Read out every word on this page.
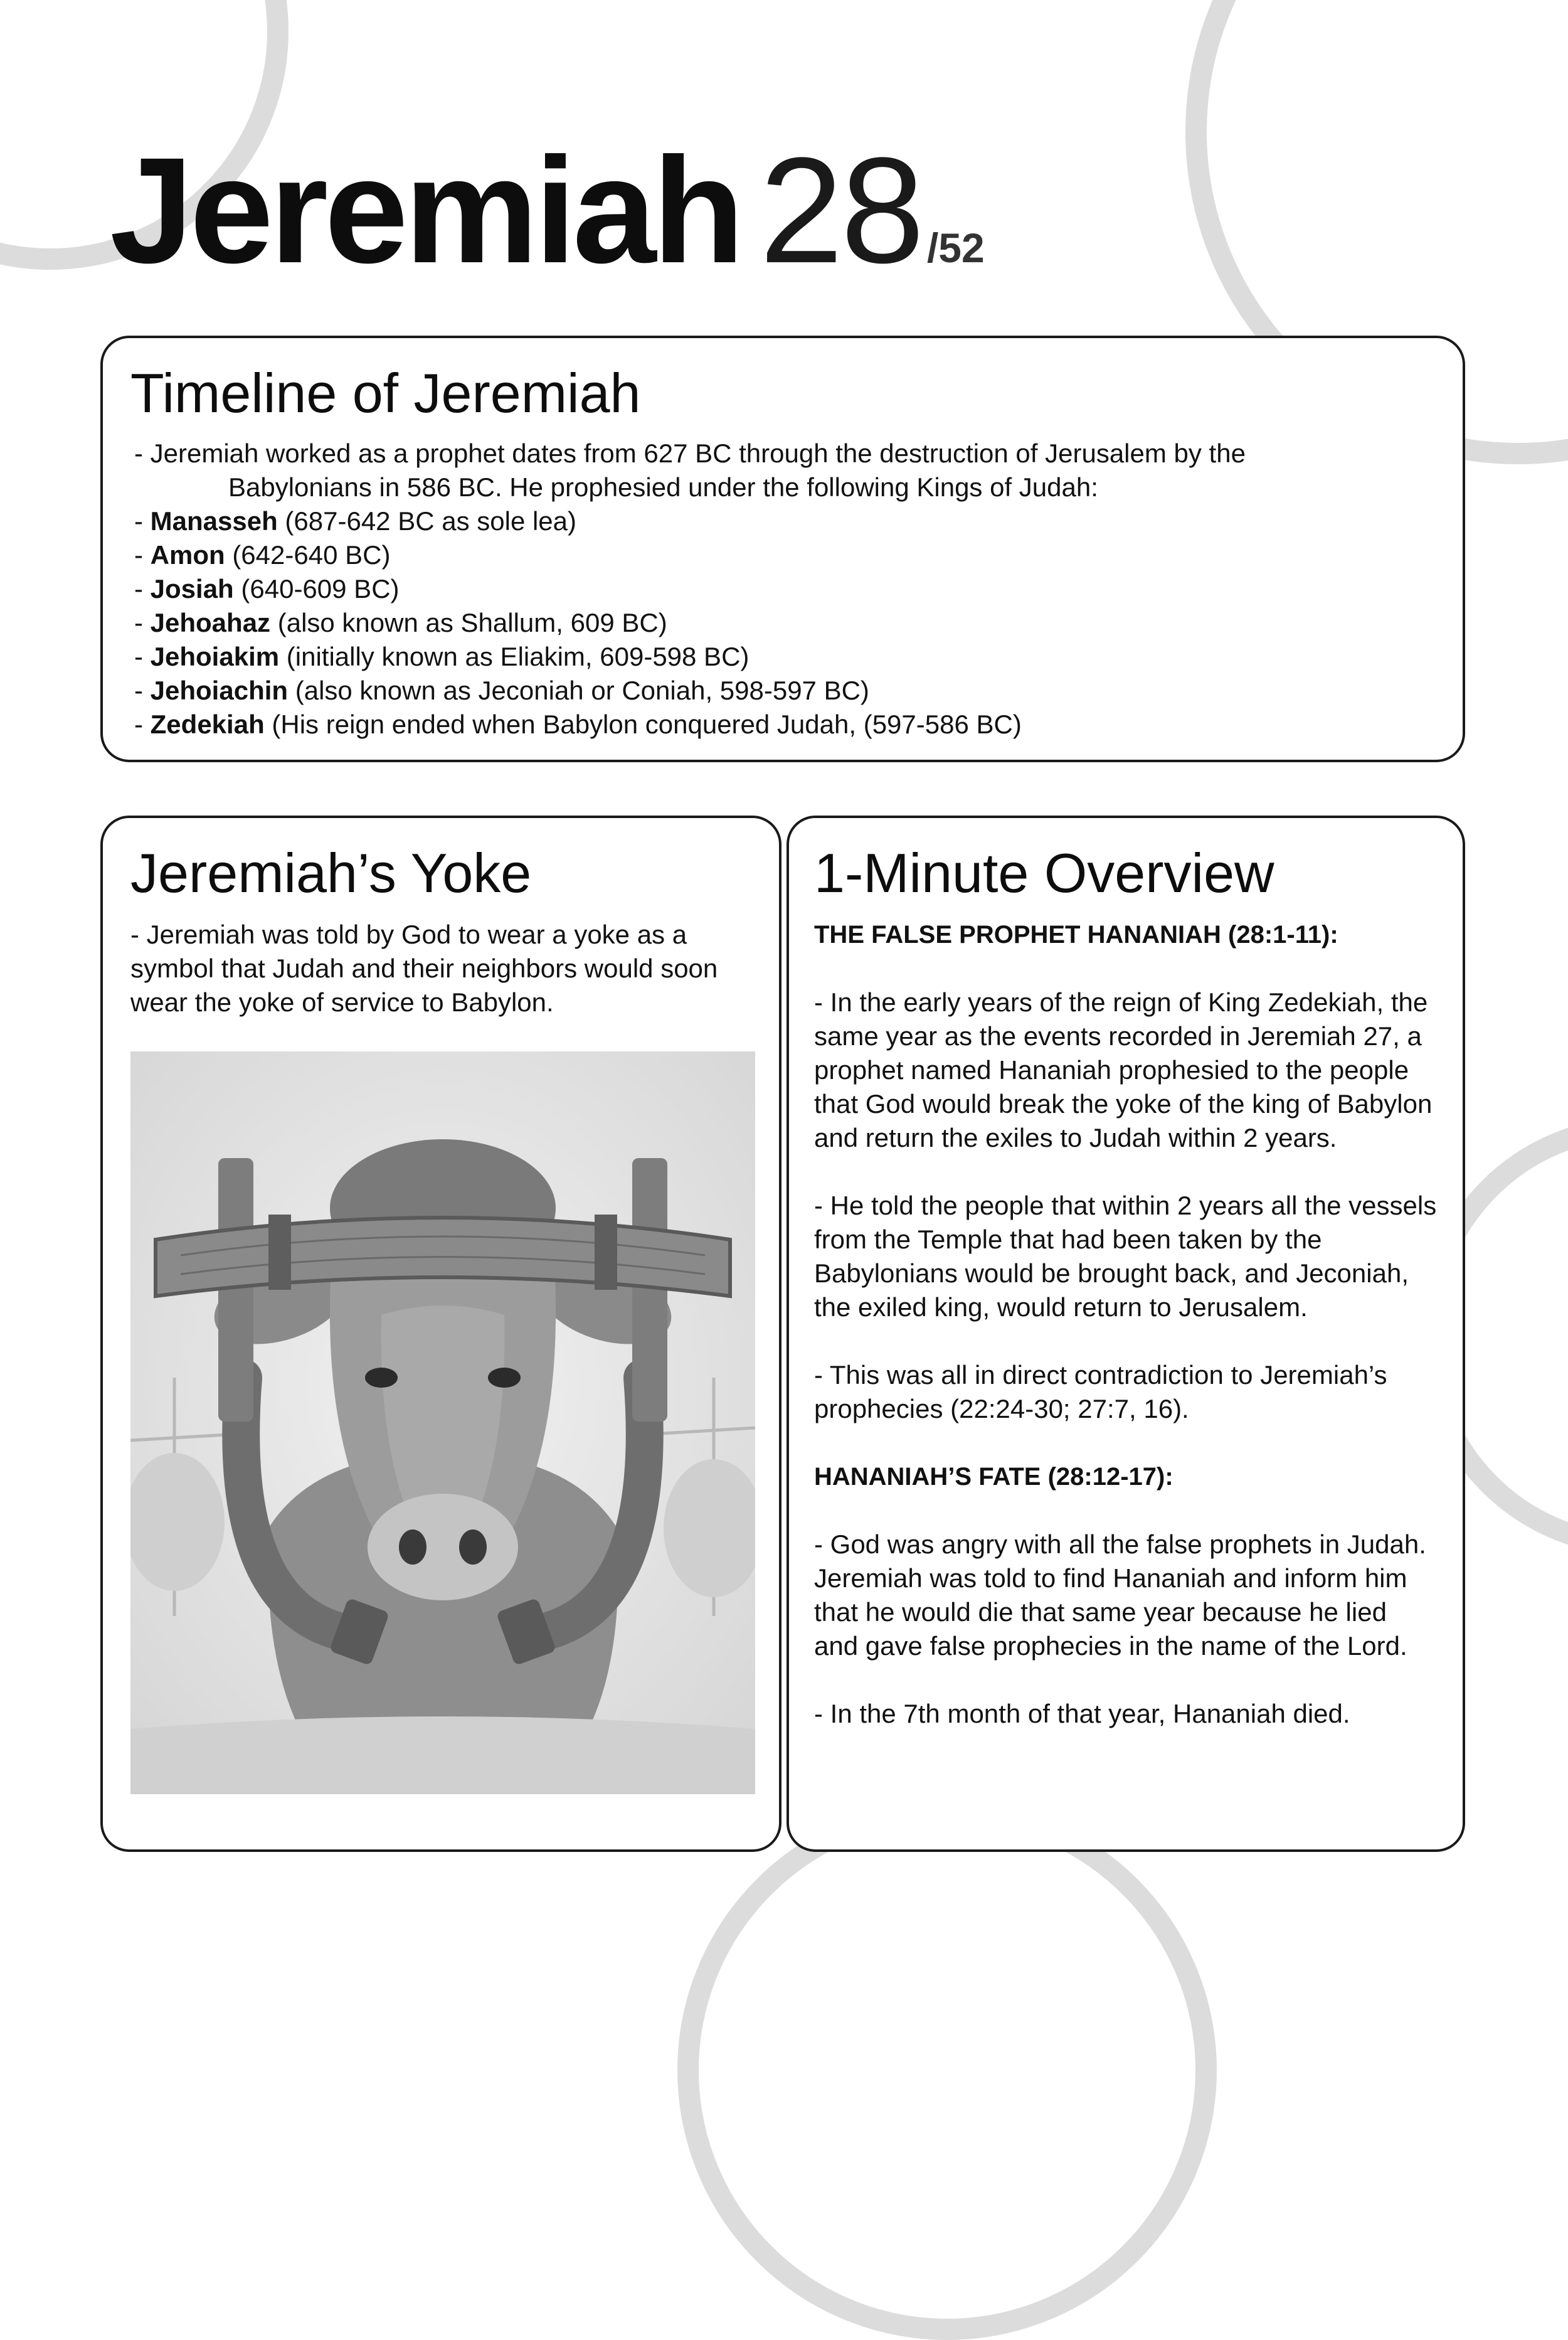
Jeremiah 28 /52
Timeline of Jeremiah
- Jeremiah worked as a prophet dates from 627 BC through the destruction of Jerusalem by the
Babylonians in 586 BC. He prophesied under the following Kings of Judah:
- Manasseh (687-642 BC as sole lea)
- Amon (642-640 BC)
- Josiah (640-609 BC)
- Jehoahaz (also known as Shallum, 609 BC)
- Jehoiakim (initially known as Eliakim, 609-598 BC)
- Jehoiachin (also known as Jeconiah or Coniah, 598-597 BC)
- Zedekiah (His reign ended when Babylon conquered Judah, (597-586 BC)
Jeremiah’s Yoke

- Jeremiah was told by God to wear a yoke as a symbol that Judah and their neighbors would soon wear the yoke of service to Babylon.

1-Minute Overview
THE FALSE PROPHET HANANIAH (28:1-11):

- In the early years of the reign of King Zedekiah, the same year as the events recorded in Jeremiah 27, a prophet named Hananiah prophesied to the people that God would break the yoke of the king of Babylon and return the exiles to Judah within 2 years.

- He told the people that within 2 years all the vessels from the Temple that had been taken by the Babylonians would be brought back, and Jeconiah, the exiled king, would return to Jerusalem.

- This was all in direct contradiction to Jeremiah’s prophecies (22:24-30; 27:7, 16).

HANANIAH’S FATE (28:12-17):

- God was angry with all the false prophets in Judah. Jeremiah was told to find Hananiah and inform him that he would die that same year because he lied and gave false prophecies in the name of the Lord.

- In the 7th month of that year, Hananiah died.
